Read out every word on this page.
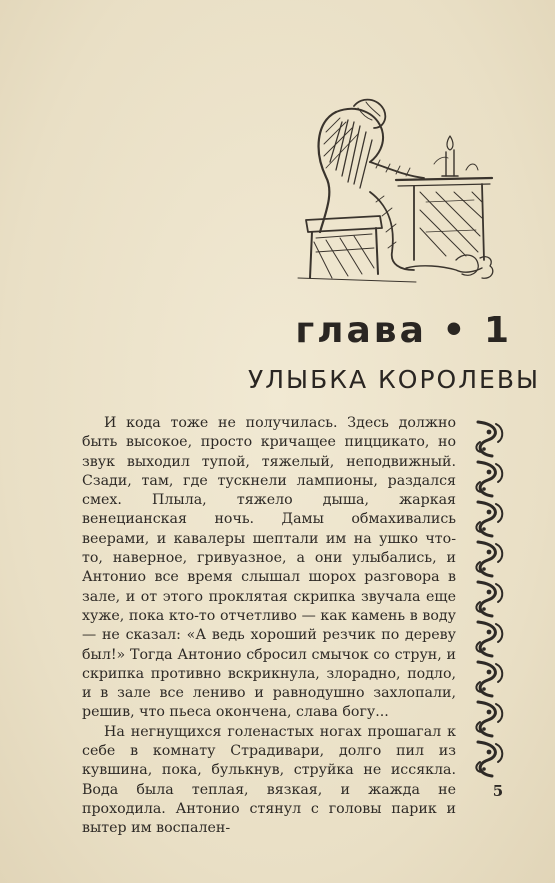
глава • 1
УЛЫБКА КОРОЛЕВЫ

И кода тоже не получилась. Здесь должно быть высокое, просто кричащее пиццикато, но звук выходил тупой, тяжелый, неподвижный. Сзади, там, где тускнели лампионы, раздался смех. Плыла, тяжело дыша, жаркая венецианская ночь. Дамы обмахивались веерами, и кавалеры шептали им на ушко что-то, наверное, гривуазное, а они улыбались, и Антонио все время слышал шорох разговора в зале, и от этого проклятая скрипка звучала еще хуже, пока кто-то отчетливо — как камень в воду — не сказал: «А ведь хороший резчик по дереву был!» Тогда Антонио сбросил смычок со струн, и скрипка противно вскрикнула, злорадно, подло, и в зале все лениво и равнодушно захлопали, решив, что пьеса окончена, слава богу...

На негнущихся голенастых ногах прошагал к себе в комнату Страдивари, долго пил из кувшина, пока, булькнув, струйка не иссякла. Вода была теплая, вязкая, и жажда не проходила. Антонио стянул с головы парик и вытер им воспален-

5
